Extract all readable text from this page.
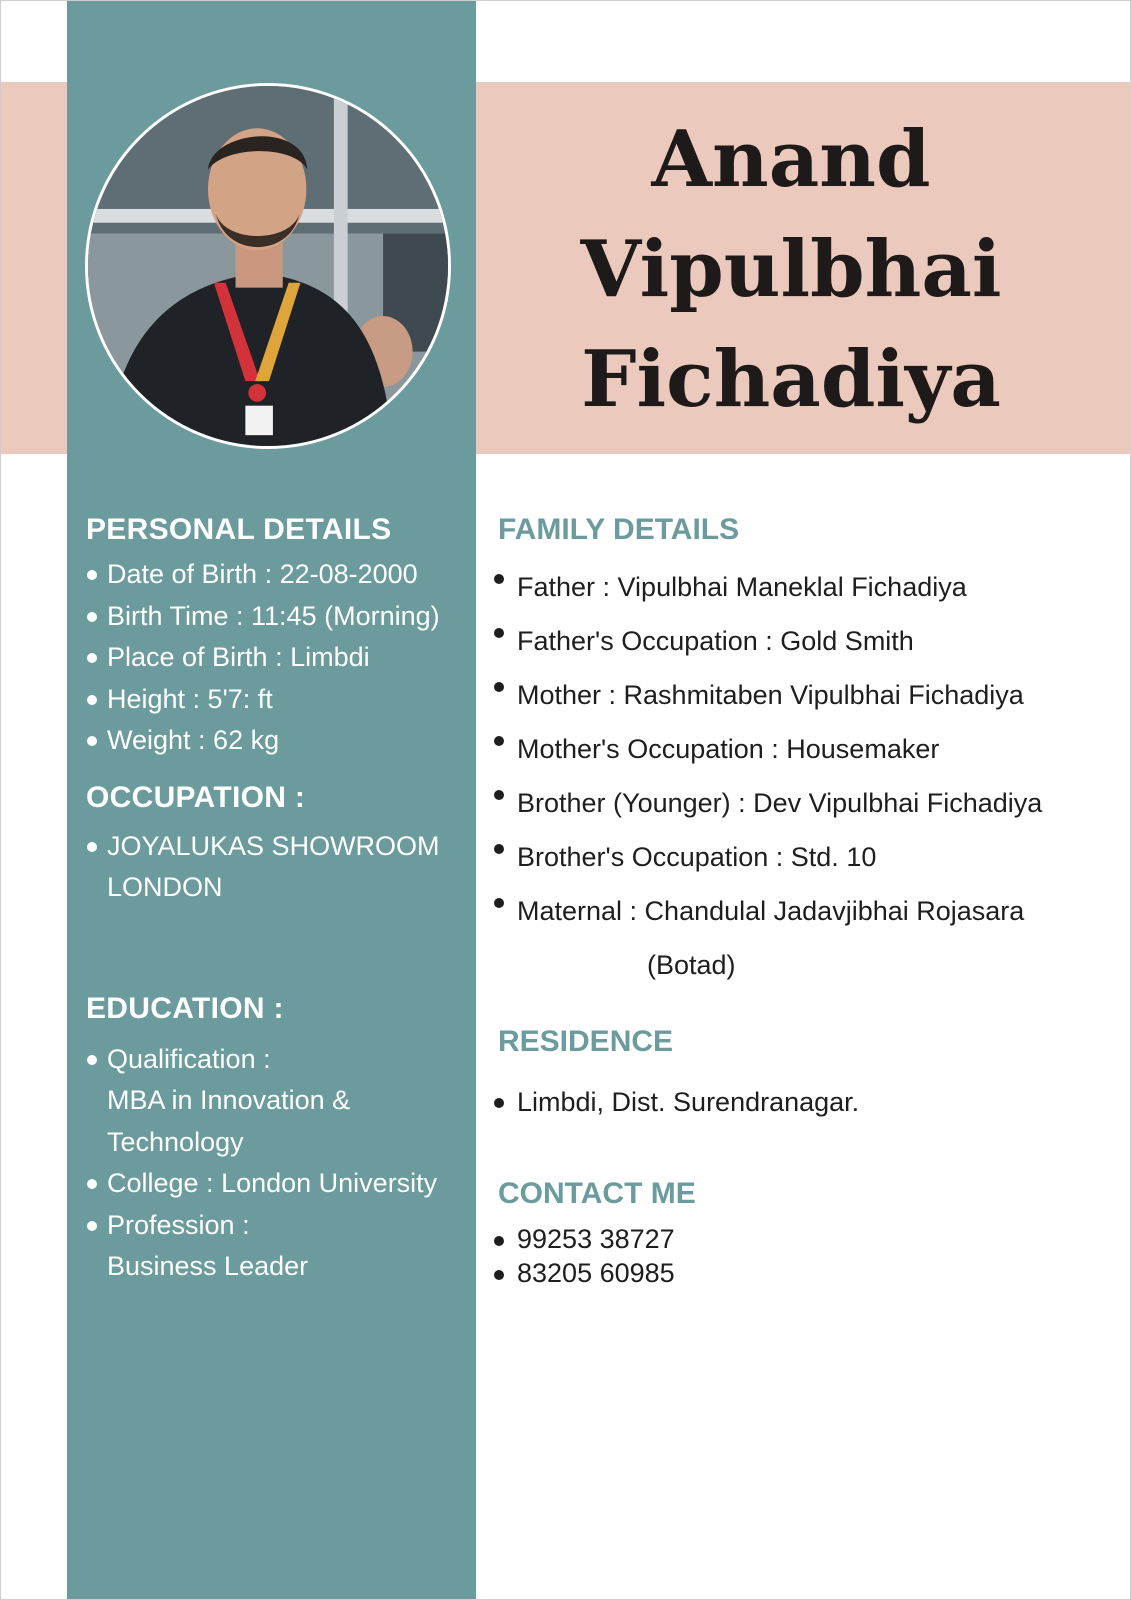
Anand
Vipulbhai
Fichadiya
PERSONAL DETAILS
Date of Birth : 22-08-2000
Birth Time : 11:45 (Morning)
Place of Birth : Limbdi
Height : 5'7: ft
Weight : 62 kg
OCCUPATION :
JOYALUKAS SHOWROOM
LONDON
EDUCATION :
Qualification :
MBA in Innovation &
Technology
College : London University
Profession :
Business Leader
FAMILY DETAILS
Father : Vipulbhai Maneklal Fichadiya
Father's Occupation : Gold Smith
Mother : Rashmitaben Vipulbhai Fichadiya
Mother's Occupation : Housemaker
Brother (Younger) : Dev Vipulbhai Fichadiya
Brother's Occupation : Std. 10
Maternal : Chandulal Jadavjibhai Rojasara
(Botad)
RESIDENCE
Limbdi, Dist. Surendranagar.
CONTACT ME
99253 38727
83205 60985
